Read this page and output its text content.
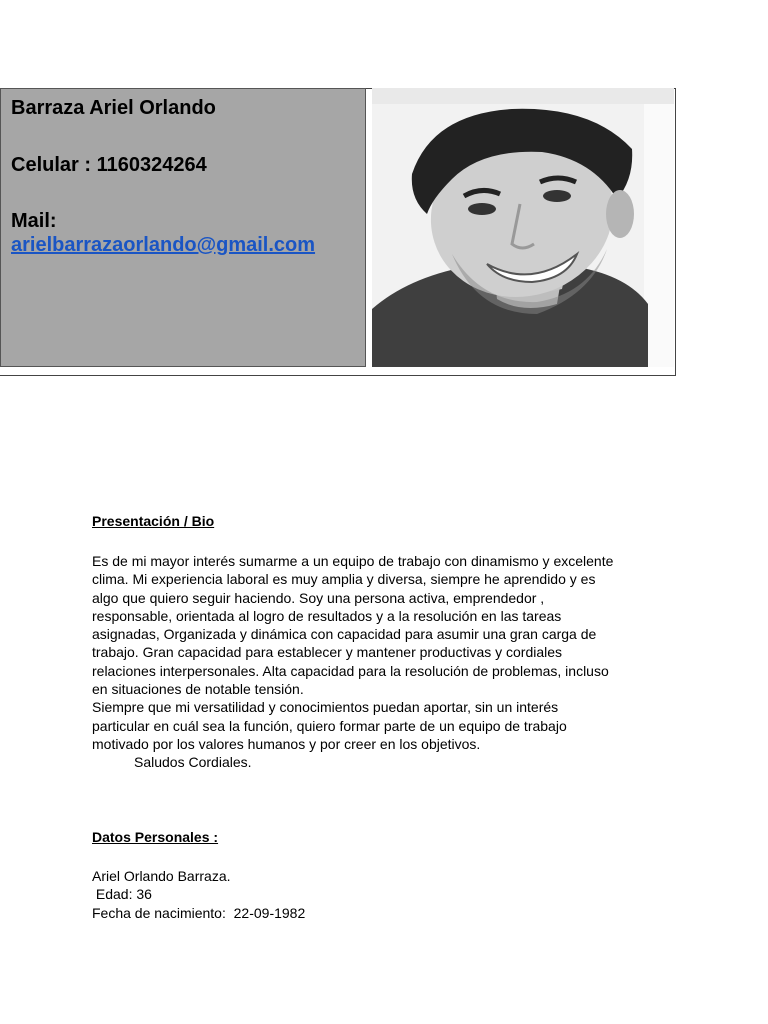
Barraza Ariel Orlando

Celular : 1160324264

Mail:

arielbarrazaorlando@gmail.com
Presentación / Bio

Es de mi mayor interés sumarme a un equipo de trabajo con dinamismo y excelente
clima. Mi experiencia laboral es muy amplia y diversa, siempre he aprendido y es
algo que quiero seguir haciendo. Soy una persona activa, emprendedor ,
responsable, orientada al logro de resultados y a la resolución en las tareas
asignadas, Organizada y dinámica con capacidad para asumir una gran carga de
trabajo. Gran capacidad para establecer y mantener productivas y cordiales
relaciones interpersonales. Alta capacidad para la resolución de problemas, incluso
en situaciones de notable tensión.
Siempre que mi versatilidad y conocimientos puedan aportar, sin un interés
particular en cuál sea la función, quiero formar parte de un equipo de trabajo
motivado por los valores humanos y por creer en los objetivos.

Saludos Cordiales.

Datos Personales :
Ariel Orlando Barraza.
Edad: 36
Fecha de nacimiento:  22-09-1982
